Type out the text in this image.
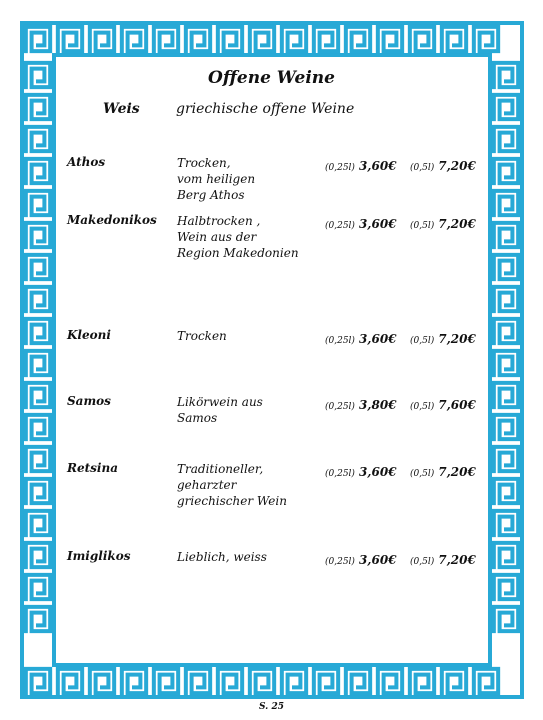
Offene Weine
Weis	griechische offene Weine
Athos	Trocken,
vom heiligen
Berg Athos
(0,25l) 3,60€ (0,5l) 7,20€
Makedonikos Halbtrocken ,
Wein aus der
Region Makedonien
(0,25l) 3,60€ (0,5l) 7,20€
Kleoni	Trocken	(0,25l) 3,60€ (0,5l) 7,20€
Samos	Likörwein aus
Samos
(0,25l) 3,80€ (0,5l) 7,60€
Retsina	Traditioneller,
geharzter
griechischer Wein
(0,25l) 3,60€ (0,5l) 7,20€
Imiglikos	Lieblich, weiss	(0,25l) 3,60€ (0,5l) 7,20€
S. 25
